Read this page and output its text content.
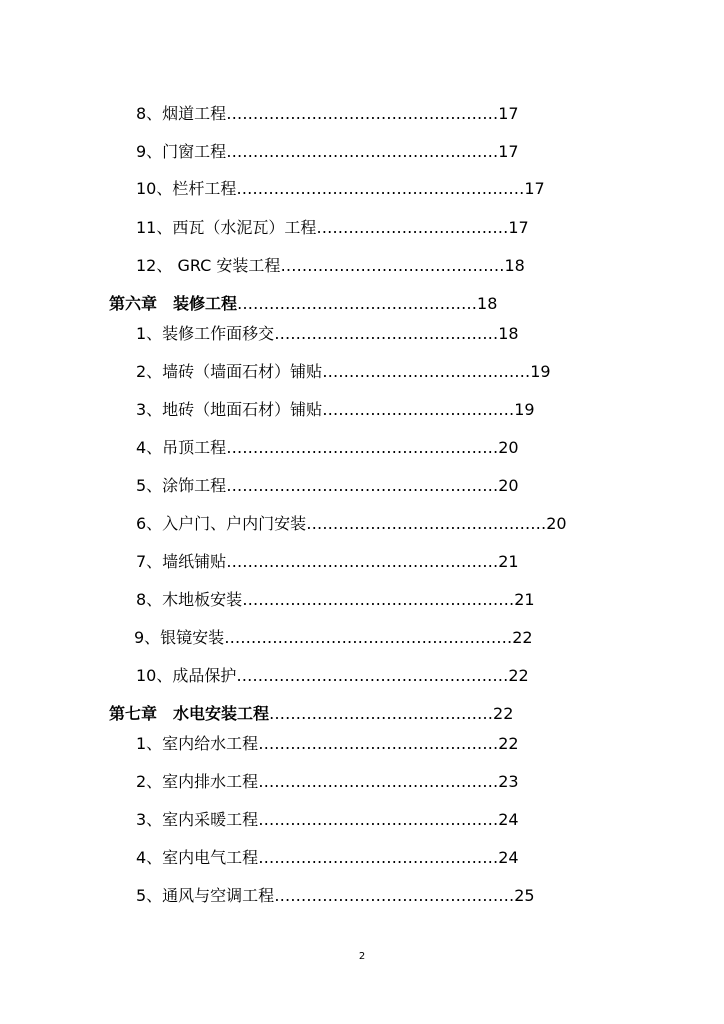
8、烟道工程……………………………………………17
9、门窗工程……………………………………………17
10、栏杆工程………………………………………………17
11、西瓦（水泥瓦）工程………………………………17
12、 GRC 安装工程……………………………………18
第六章　装修工程………………………………………18
1、装修工作面移交……………………………………18
2、墙砖（墙面石材）铺贴…………………………………19
3、地砖（地面石材）铺贴………………………………19
4、吊顶工程……………………………………………20
5、涂饰工程……………………………………………20
6、入户门、户内门安装………………………………………20
7、墙纸铺贴……………………………………………21
8、木地板安装……………………………………………21
9、银镜安装………………………………………………22
10、成品保护……………………………………………22
第七章　水电安装工程……………………………………22
1、室内给水工程………………………………………22
2、室内排水工程………………………………………23
3、室内采暖工程………………………………………24
4、室内电气工程………………………………………24
5、通风与空调工程………………………………………25
2
